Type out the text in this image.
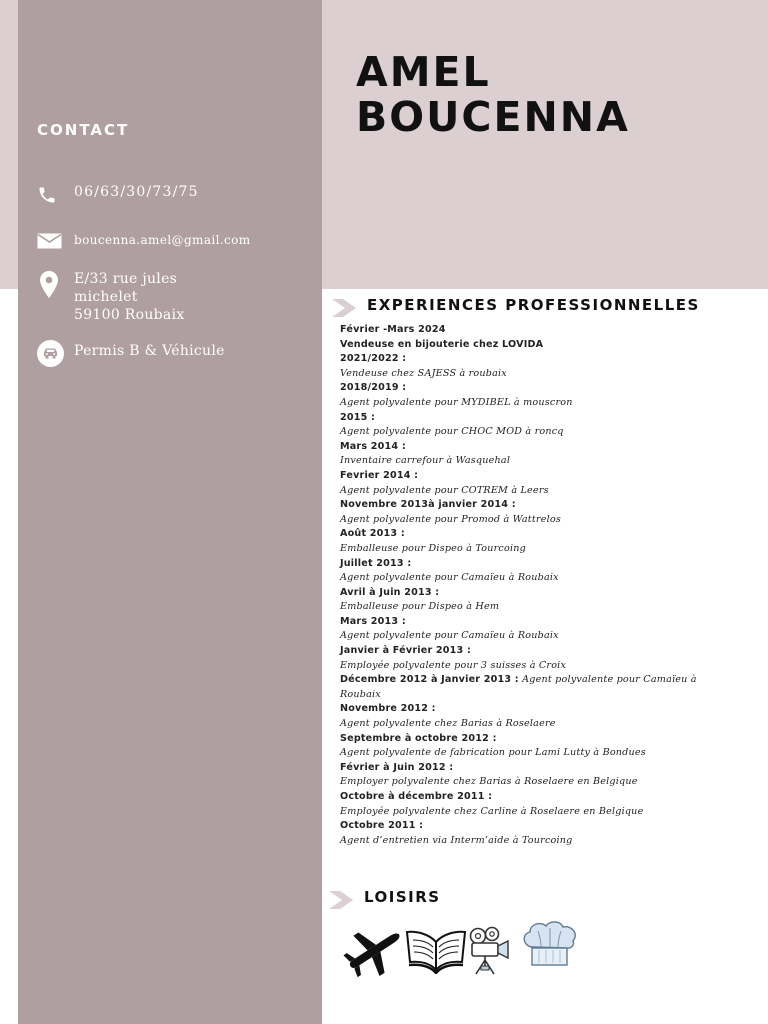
AMEL
BOUCENNA
CONTACT
06/63/30/73/75
boucenna.amel@gmail.com
E/33 rue jules
michelet
59100 Roubaix
Permis B & Véhicule
EXPERIENCES PROFESSIONNELLES
Février -Mars 2024
Vendeuse en bijouterie chez LOVIDA
2021/2022 :
Vendeuse chez SAJESS à roubaix
2018/2019 :
Agent polyvalente pour MYDIBEL à mouscron
2015 :
Agent polyvalente pour CHOC MOD à roncq
Mars 2014 :
Inventaire carrefour à Wasquehal
Fevrier 2014 :
Agent polyvalente pour COTREM à Leers
Novembre 2013à janvier 2014 :
Agent polyvalente pour Promod à Wattrelos
Août 2013 :
Emballeuse pour Dispeo à Tourcoing
Juillet 2013 :
Agent polyvalente pour Camaïeu à Roubaix
Avril à Juin 2013 :
Emballeuse pour Dispeo à Hem
Mars 2013 :
Agent polyvalente pour Camaïeu à Roubaix
Janvier à Février 2013 :
Employée polyvalente pour 3 suisses à Croix
Décembre 2012 à Janvier 2013 : Agent polyvalente pour Camaïeu à
Roubaix
Novembre 2012 :
Agent polyvalente chez Barias à Roselaere
Septembre à octobre 2012 :
Agent polyvalente de fabrication pour Lami Lutty à Bondues
Février à Juin 2012 :
Employer polyvalente chez Barias à Roselaere en Belgique
Octobre à décembre 2011 :
Employée polyvalente chez Carline à Roselaere en Belgique
Octobre 2011 :
Agent d’entretien via Interm’aide à Tourcoing
LOISIRS
